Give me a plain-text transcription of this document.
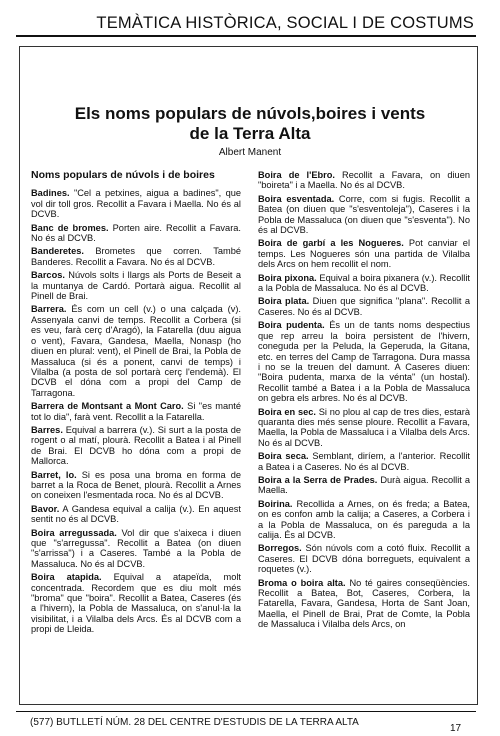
TEMÀTICA HISTÒRICA, SOCIAL I DE COSTUMS
Els noms populars de núvols,boires i vents
de la Terra Alta
Albert Manent
Noms populars de núvols i de boires
Badines. "Cel a petxines, aigua a badines", que vol dir toll gros. Recollit a Favara i Maella. No és al DCVB.
Banc de bromes. Porten aire. Recollit a Favara. No és al DCVB.
Banderetes. Brometes que corren. També Banderes. Recollit a Favara. No és al DCVB.
Barcos. Núvols solts i llargs als Ports de Beseit a la muntanya de Cardó. Portarà aigua. Recollit al Pinell de Brai.
Barrera. És com un cell (v.) o una calçada (v). Assenyala canvi de temps. Recollit a Corbera (si es veu, farà cerç d'Aragó), la Fatarella (duu aigua o vent), Favara, Gandesa, Maella, Nonasp (ho diuen en plural: vent), el Pinell de Brai, la Pobla de Massaluca (si és a ponent, canvi de temps) i Vilalba (a posta de sol portarà cerç l'endemà). El DCVB el dóna com a propi del Camp de Tarragona.
Barrera de Montsant a Mont Caro. Si "es manté tot lo dia", farà vent. Recollit a la Fatarella.
Barres. Equival a barrera (v.). Si surt a la posta de rogent o al matí, plourà. Recollit a Batea i al Pinell de Brai. El DCVB ho dóna com a propi de Mallorca.
Barret, lo. Si es posa una broma en forma de barret a la Roca de Benet, plourà. Recollit a Arnes on coneixen l'esmentada roca. No és al DCVB.
Bavor. A Gandesa equival a calija (v.). En aquest sentit no és al DCVB.
Boira arregussada. Vol dir que s'aixeca i diuen que "s'arregussa". Recollit a Batea (on diuen "s'arrissa") i a Caseres. També a la Pobla de Massaluca. No és al DCVB.
Boira atapida. Equival a atapeïda, molt concentrada. Recordem que es diu molt més "broma" que "boira". Recollit a Batea, Caseres (és a l'hivern), la Pobla de Massaluca, on s'anul·la la visibilitat, i a Vilalba dels Arcs. És al DCVB com a propi de Lleida.
Boira de l'Ebro. Recollit a Favara, on diuen "boireta" i a Maella. No és al DCVB.
Boira esventada. Corre, com si fugis. Recollit a Batea (on diuen que "s'esventoleja"), Caseres i la Pobla de Massaluca (on diuen que "s'esventa"). No és al DCVB.
Boira de garbí a les Nogueres. Pot canviar el temps. Les Nogueres són una partida de Vilalba dels Arcs on hem recollit el nom.
Boira pixona. Equival a boira pixanera (v.). Recollit a la Pobla de Massaluca. No és al DCVB.
Boira plata. Diuen que significa "plana". Recollit a Caseres. No és al DCVB.
Boira pudenta. És un de tants noms despectius que rep arreu la boira persistent de l'hivern, coneguda per la Peluda, la Geperuda, la Gitana, etc. en terres del Camp de Tarragona. Dura massa i no se la treuen del damunt. A Caseres diuen: "Boira pudenta, marxa de la vénta" (un hostal). Recollit també a Batea i a la Pobla de Massaluca on gebra els arbres. No és al DCVB.
Boira en sec. Si no plou al cap de tres dies, estarà quaranta dies més sense ploure. Recollit a Favara, Maella, la Pobla de Massaluca i a Vilalba dels Arcs. No és al DCVB.
Boira seca. Semblant, diríem, a l'anterior. Recollit a Batea i a Caseres. No és al DCVB.
Boira a la Serra de Prades. Durà aigua. Recollit a Maella.
Boirina. Recollida a Arnes, on és freda; a Batea, on es confon amb la calija; a Caseres, a Corbera i a la Pobla de Massaluca, on és pareguda a la calija. És al DCVB.
Borregos. Són núvols com a cotó fluix. Recollit a Caseres. El DCVB dóna borreguets, equivalent a roquetes (v.).
Broma o boira alta. No té gaires conseqüències. Recollit a Batea, Bot, Caseres, Corbera, la Fatarella, Favara, Gandesa, Horta de Sant Joan, Maella, el Pinell de Brai, Prat de Comte, la Pobla de Massaluca i Vilalba dels Arcs, on
(577) BUTLLETÍ NÚM. 28 DEL CENTRE D'ESTUDIS DE LA TERRA ALTA
17
